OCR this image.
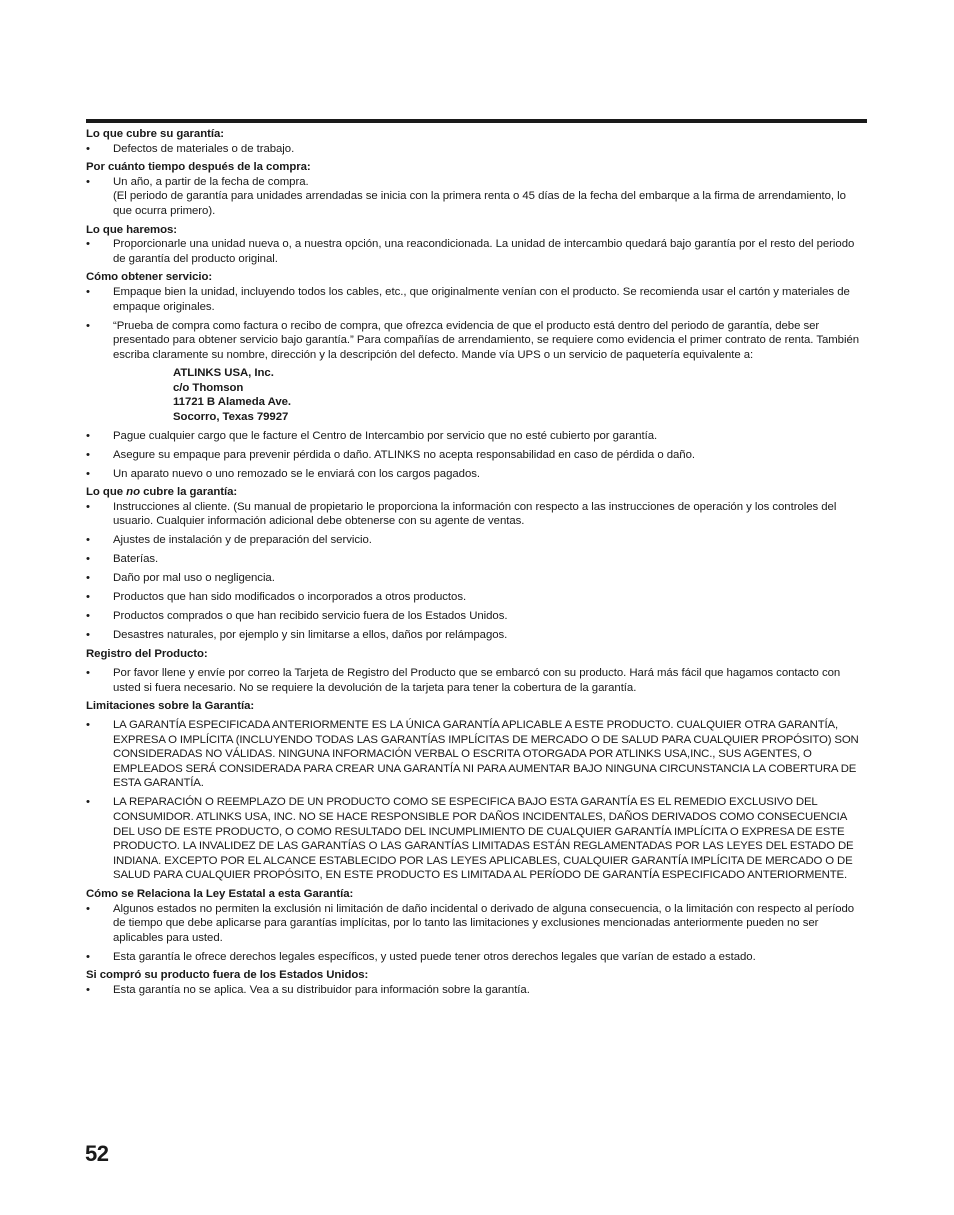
Lo que cubre su garantía:
• Defectos de materiales o de trabajo.
Por cuánto tiempo después de la compra:
• Un año, a partir de la fecha de compra.
(El periodo de garantía para unidades arrendadas se inicia con la primera renta o 45 días de la fecha del embarque a la firma de arrendamiento, lo que ocurra primero).
Lo que haremos:
• Proporcionarle una unidad nueva o, a nuestra opción, una reacondicionada. La unidad de intercambio quedará bajo garantía por el resto del periodo de garantía del producto original.
Cómo obtener servicio:
• Empaque bien la unidad, incluyendo todos los cables, etc., que originalmente venían con el producto. Se recomienda usar el cartón y materiales de empaque originales.
• “Prueba de compra como factura o recibo de compra, que ofrezca evidencia de que el producto está dentro del periodo de garantía, debe ser presentado para obtener servicio bajo garantía.” Para compañías de arrendamiento, se requiere como evidencia el primer contrato de renta. También escriba claramente su nombre, dirección y la descripción del defecto. Mande vía UPS o un servicio de paquetería equivalente a:
ATLINKS USA, Inc.
c/o Thomson
11721 B Alameda Ave.
Socorro, Texas 79927
• Pague cualquier cargo que le facture el Centro de Intercambio por servicio que no esté cubierto por garantía.
• Asegure su empaque para prevenir pérdida o daño. ATLINKS no acepta responsabilidad en caso de pérdida o daño.
• Un aparato nuevo o uno remozado se le enviará con los cargos pagados.
Lo que no cubre la garantía:
• Instrucciones al cliente. (Su manual de propietario le proporciona la información con respecto a las instrucciones de operación y los controles del usuario. Cualquier información adicional debe obtenerse con su agente de ventas.
• Ajustes de instalación y de preparación del servicio.
• Baterías.
• Daño por mal uso o negligencia.
• Productos que han sido modificados o incorporados a otros productos.
• Productos comprados o que han recibido servicio fuera de los Estados Unidos.
• Desastres naturales, por ejemplo y sin limitarse a ellos, daños por relámpagos.
Registro del Producto:
• Por favor llene y envíe por correo la Tarjeta de Registro del Producto que se embarcó con su producto. Hará más fácil que hagamos contacto con usted si fuera necesario. No se requiere la devolución de la tarjeta para tener la cobertura de la garantía.
Limitaciones sobre la Garantía:
• LA GARANTÍA ESPECIFICADA ANTERIORMENTE ES LA ÚNICA GARANTÍA APLICABLE A ESTE PRODUCTO. CUALQUIER OTRA GARANTÍA, EXPRESA O IMPLÍCITA (INCLUYENDO TODAS LAS GARANTÍAS IMPLÍCITAS DE MERCADO O DE SALUD PARA CUALQUIER PROPÓSITO) SON CONSIDERADAS NO VÁLIDAS. NINGUNA INFORMACIÓN VERBAL O ESCRITA OTORGADA POR ATLINKS USA,INC., SUS AGENTES, O EMPLEADOS SERÁ CONSIDERADA PARA CREAR UNA GARANTÍA NI PARA AUMENTAR BAJO NINGUNA CIRCUNSTANCIA LA COBERTURA DE ESTA GARANTÍA.
• LA REPARACIÓN O REEMPLAZO DE UN PRODUCTO COMO SE ESPECIFICA BAJO ESTA GARANTÍA ES EL REMEDIO EXCLUSIVO DEL CONSUMIDOR. ATLINKS USA, INC. NO SE HACE RESPONSIBLE POR DAÑOS INCIDENTALES, DAÑOS DERIVADOS COMO CONSECUENCIA DEL USO DE ESTE PRODUCTO, O COMO RESULTADO DEL INCUMPLIMIENTO DE CUALQUIER GARANTÍA IMPLÍCITA O EXPRESA DE ESTE PRODUCTO. LA INVALIDEZ DE LAS GARANTÍAS O LAS GARANTÍAS LIMITADAS ESTÁN REGLAMENTADAS POR LAS LEYES DEL ESTADO DE INDIANA. EXCEPTO POR EL ALCANCE ESTABLECIDO POR LAS LEYES APLICABLES, CUALQUIER GARANTÍA IMPLÍCITA DE MERCADO O DE SALUD PARA CUALQUIER PROPÓSITO, EN ESTE PRODUCTO ES LIMITADA AL PERÍODO DE GARANTÍA ESPECIFICADO ANTERIORMENTE.
Cómo se Relaciona la Ley Estatal a esta Garantía:
• Algunos estados no permiten la exclusión ni limitación de daño incidental o derivado de alguna consecuencia, o la limitación con respecto al período de tiempo que debe aplicarse para garantías implícitas, por lo tanto las limitaciones y exclusiones mencionadas anteriormente pueden no ser aplicables para usted.
• Esta garantía le ofrece derechos legales específicos, y usted puede tener otros derechos legales que varían de estado a estado.
Si compró su producto fuera de los Estados Unidos:
• Esta garantía no se aplica. Vea a su distribuidor para información sobre la garantía.
52
